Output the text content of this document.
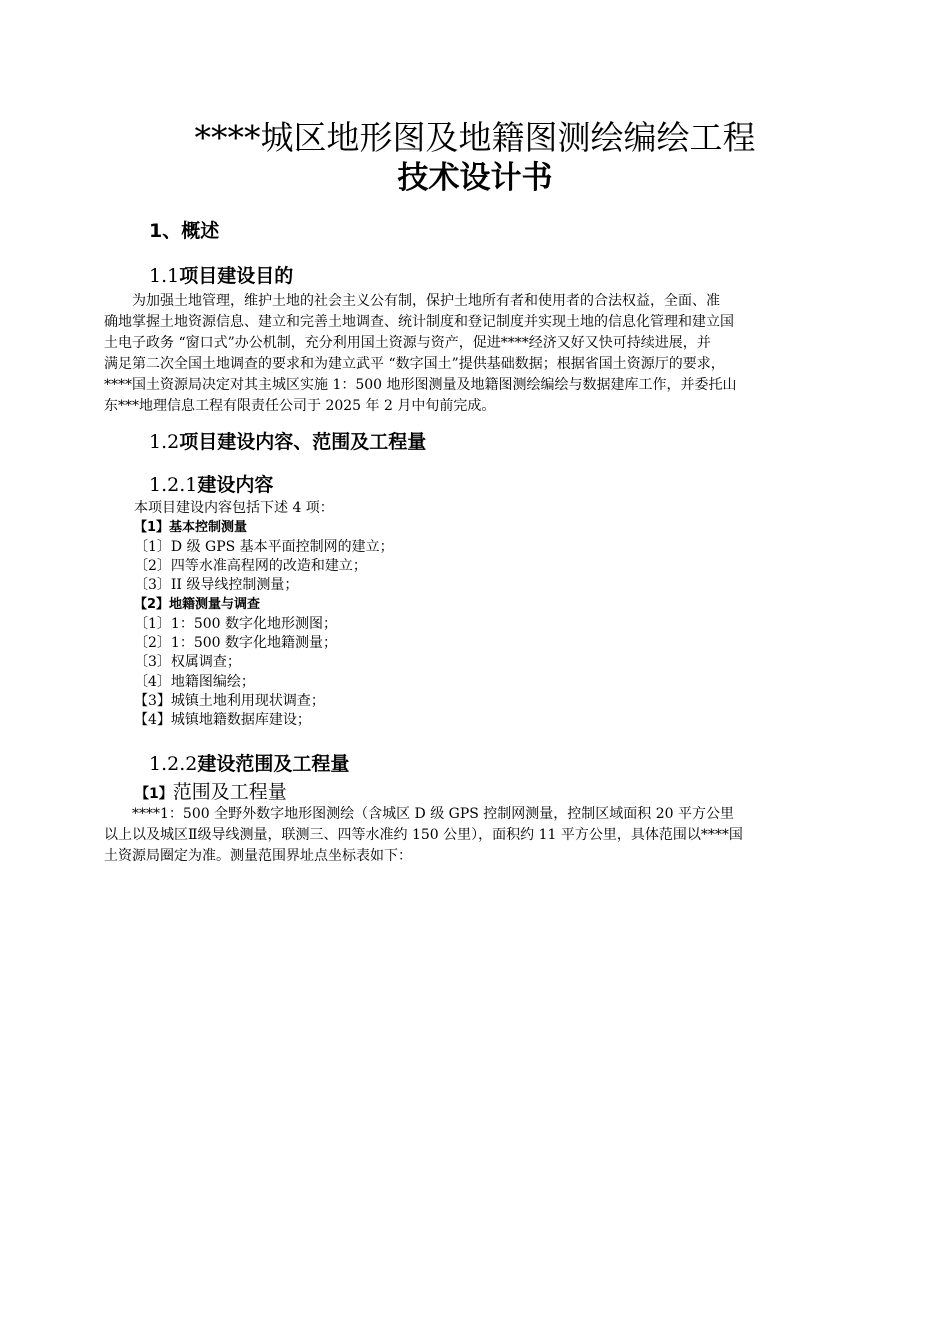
****城区地形图及地籍图测绘编绘工程
技术设计书
1、概述
1.1项目建设目的
　　为加强土地管理，维护土地的社会主义公有制，保护土地所有者和使用者的合法权益，全面、准
确地掌握土地资源信息、建立和完善土地调查、统计制度和登记制度并实现土地的信息化管理和建立国
土电子政务 “窗口式”办公机制，充分利用国土资源与资产，促进****经济又好又快可持续进展，并
满足第二次全国土地调查的要求和为建立武平 “数字国土”提供基础数据；根据省国土资源厅的要求，
****国土资源局决定对其主城区实施 1：500 地形图测量及地籍图测绘编绘与数据建库工作，并委托山
东***地理信息工程有限责任公司于 2025 年 2 月中旬前完成。
1.2项目建设内容、范围及工程量
1.2.1建设内容
本项目建设内容包括下述 4 项：
【1】基本控制测量
〔1〕D 级 GPS 基本平面控制网的建立；
〔2〕四等水准高程网的改造和建立；
〔3〕II 级导线控制测量；
【2】地籍测量与调查
〔1〕1：500 数字化地形测图；
〔2〕1：500 数字化地籍测量；
〔3〕权属调查；
〔4〕地籍图编绘；
【3】城镇土地利用现状调查；
【4】城镇地籍数据库建设；
1.2.2建设范围及工程量
【1】范围及工程量
　　****1：500 全野外数字地形图测绘（含城区 D 级 GPS 控制网测量，控制区域面积 20 平方公里
以上以及城区Ⅱ级导线测量，联测三、四等水准约 150 公里），面积约 11 平方公里，具体范围以****国
土资源局圈定为准。测量范围界址点坐标表如下：
